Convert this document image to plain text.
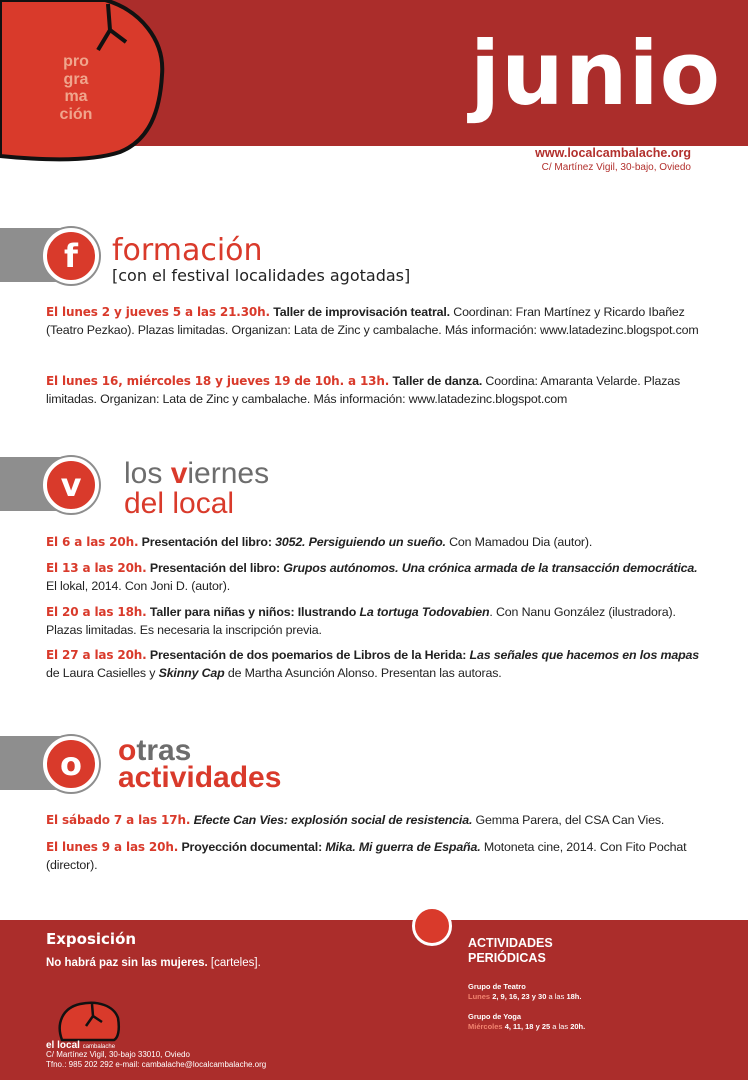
pro
gra
ma
ción	junio
www.localcambalache.org
C/ Martínez Vigil, 30-bajo, Oviedo
f formación
[con el festival localidades agotadas]
El lunes 2 y jueves 5 a las 21.30h. Taller de improvisación teatral. Coordinan: Fran Martínez y Ricardo Ibañez (Teatro Pezkao). Plazas limitadas. Organizan: Lata de Zinc y cambalache. Más información: www.latadezinc.blogspot.com
El lunes 16, miércoles 18 y jueves 19 de 10h. a 13h. Taller de danza. Coordina: Amaranta Velarde. Plazas limitadas. Organizan: Lata de Zinc y cambalache. Más información: www.latadezinc.blogspot.com
v los viernes
del local
El 6 a las 20h. Presentación del libro: 3052. Persiguiendo un sueño. Con Mamadou Dia (autor).
El 13 a las 20h. Presentación del libro: Grupos autónomos. Una crónica armada de la transacción democrática. El lokal, 2014. Con Joni D. (autor).
El 20 a las 18h. Taller para niñas y niños: Ilustrando La tortuga Todovabien. Con Nanu González (ilustradora). Plazas limitadas. Es necesaria la inscripción previa.
El 27 a las 20h. Presentación de dos poemarios de Libros de la Herida: Las señales que hacemos en los mapas de Laura Casielles y Skinny Cap de Martha Asunción Alonso. Presentan las autoras.
o otras
actividades
El sábado 7 a las 17h. Efecte Can Vies: explosión social de resistencia. Gemma Parera, del CSA Can Vies.
El lunes 9 a las 20h. Proyección documental: Mika. Mi guerra de España. Motoneta cine, 2014. Con Fito Pochat (director).
Exposición
No habrá paz sin las mujeres. [carteles].
ACTIVIDADES
PERIÓDICAS
Grupo de Teatro
Lunes 2, 9, 16, 23 y 30 a las 18h.
Grupo de Yoga
Miércoles 4, 11, 18 y 25 a las 20h.
el local cambalache
C/ Martínez Vigil, 30-bajo 33010, Oviedo
Tfno.: 985 202 292 e-mail: cambalache@localcambalache.org
